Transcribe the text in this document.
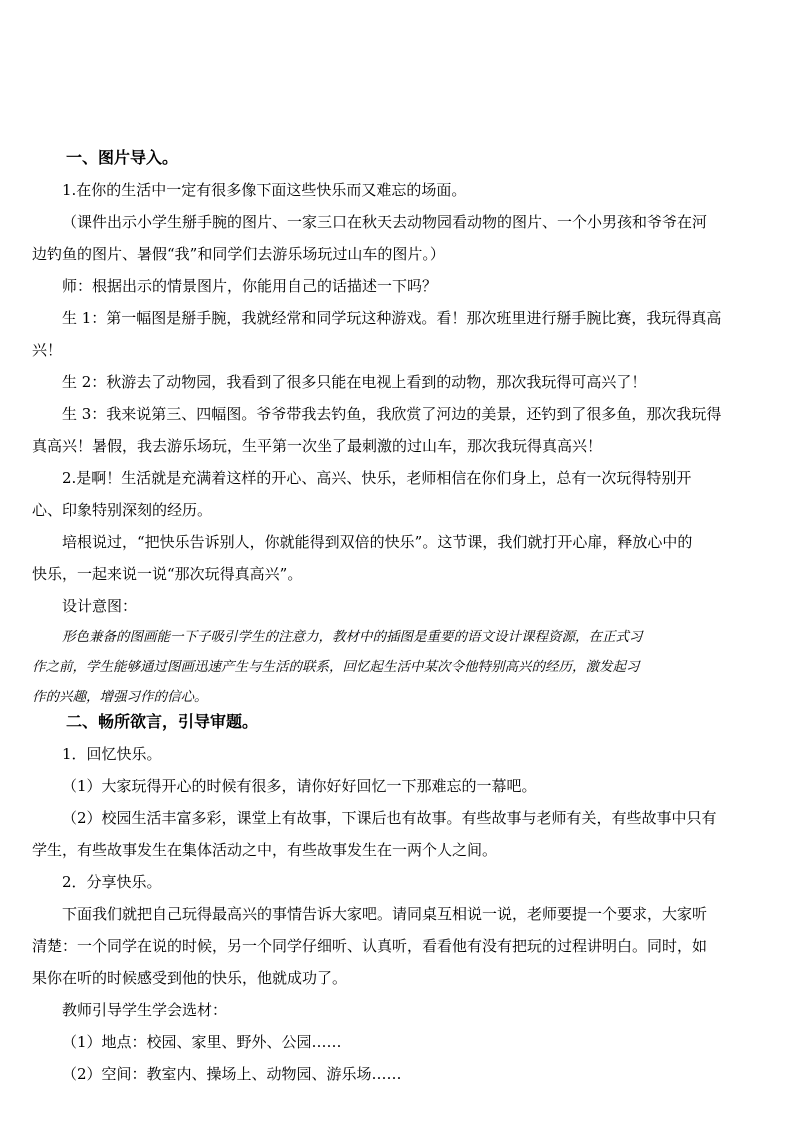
一、图片导入。
1.在你的生活中一定有很多像下面这些快乐而又难忘的场面。
（课件出示小学生掰手腕的图片、一家三口在秋天去动物园看动物的图片、一个小男孩和爷爷在河
边钓鱼的图片、暑假“我”和同学们去游乐场玩过山车的图片。）
师：根据出示的情景图片，你能用自己的话描述一下吗？
生 1：第一幅图是掰手腕，我就经常和同学玩这种游戏。看！那次班里进行掰手腕比赛，我玩得真高
兴！
生 2：秋游去了动物园，我看到了很多只能在电视上看到的动物，那次我玩得可高兴了！
生 3：我来说第三、四幅图。爷爷带我去钓鱼，我欣赏了河边的美景，还钓到了很多鱼，那次我玩得
真高兴！暑假，我去游乐场玩，生平第一次坐了最刺激的过山车，那次我玩得真高兴！
2.是啊！生活就是充满着这样的开心、高兴、快乐，老师相信在你们身上，总有一次玩得特别开
心、印象特别深刻的经历。
培根说过，“把快乐告诉别人，你就能得到双倍的快乐”。这节课，我们就打开心扉，释放心中的
快乐，一起来说一说“那次玩得真高兴”。
设计意图：
形色兼备的图画能一下子吸引学生的注意力，教材中的插图是重要的语文设计课程资源，在正式习
作之前，学生能够通过图画迅速产生与生活的联系，回忆起生活中某次令他特别高兴的经历，激发起习
作的兴趣，增强习作的信心。
二、畅所欲言，引导审题。
1．回忆快乐。
（1）大家玩得开心的时候有很多，请你好好回忆一下那难忘的一幕吧。
（2）校园生活丰富多彩，课堂上有故事，下课后也有故事。有些故事与老师有关，有些故事中只有
学生，有些故事发生在集体活动之中，有些故事发生在一两个人之间。
2．分享快乐。
下面我们就把自己玩得最高兴的事情告诉大家吧。请同桌互相说一说，老师要提一个要求，大家听
清楚：一个同学在说的时候，另一个同学仔细听、认真听，看看他有没有把玩的过程讲明白。同时，如
果你在听的时候感受到他的快乐，他就成功了。
教师引导学生学会选材：
（1）地点：校园、家里、野外、公园……
（2）空间：教室内、操场上、动物园、游乐场……
